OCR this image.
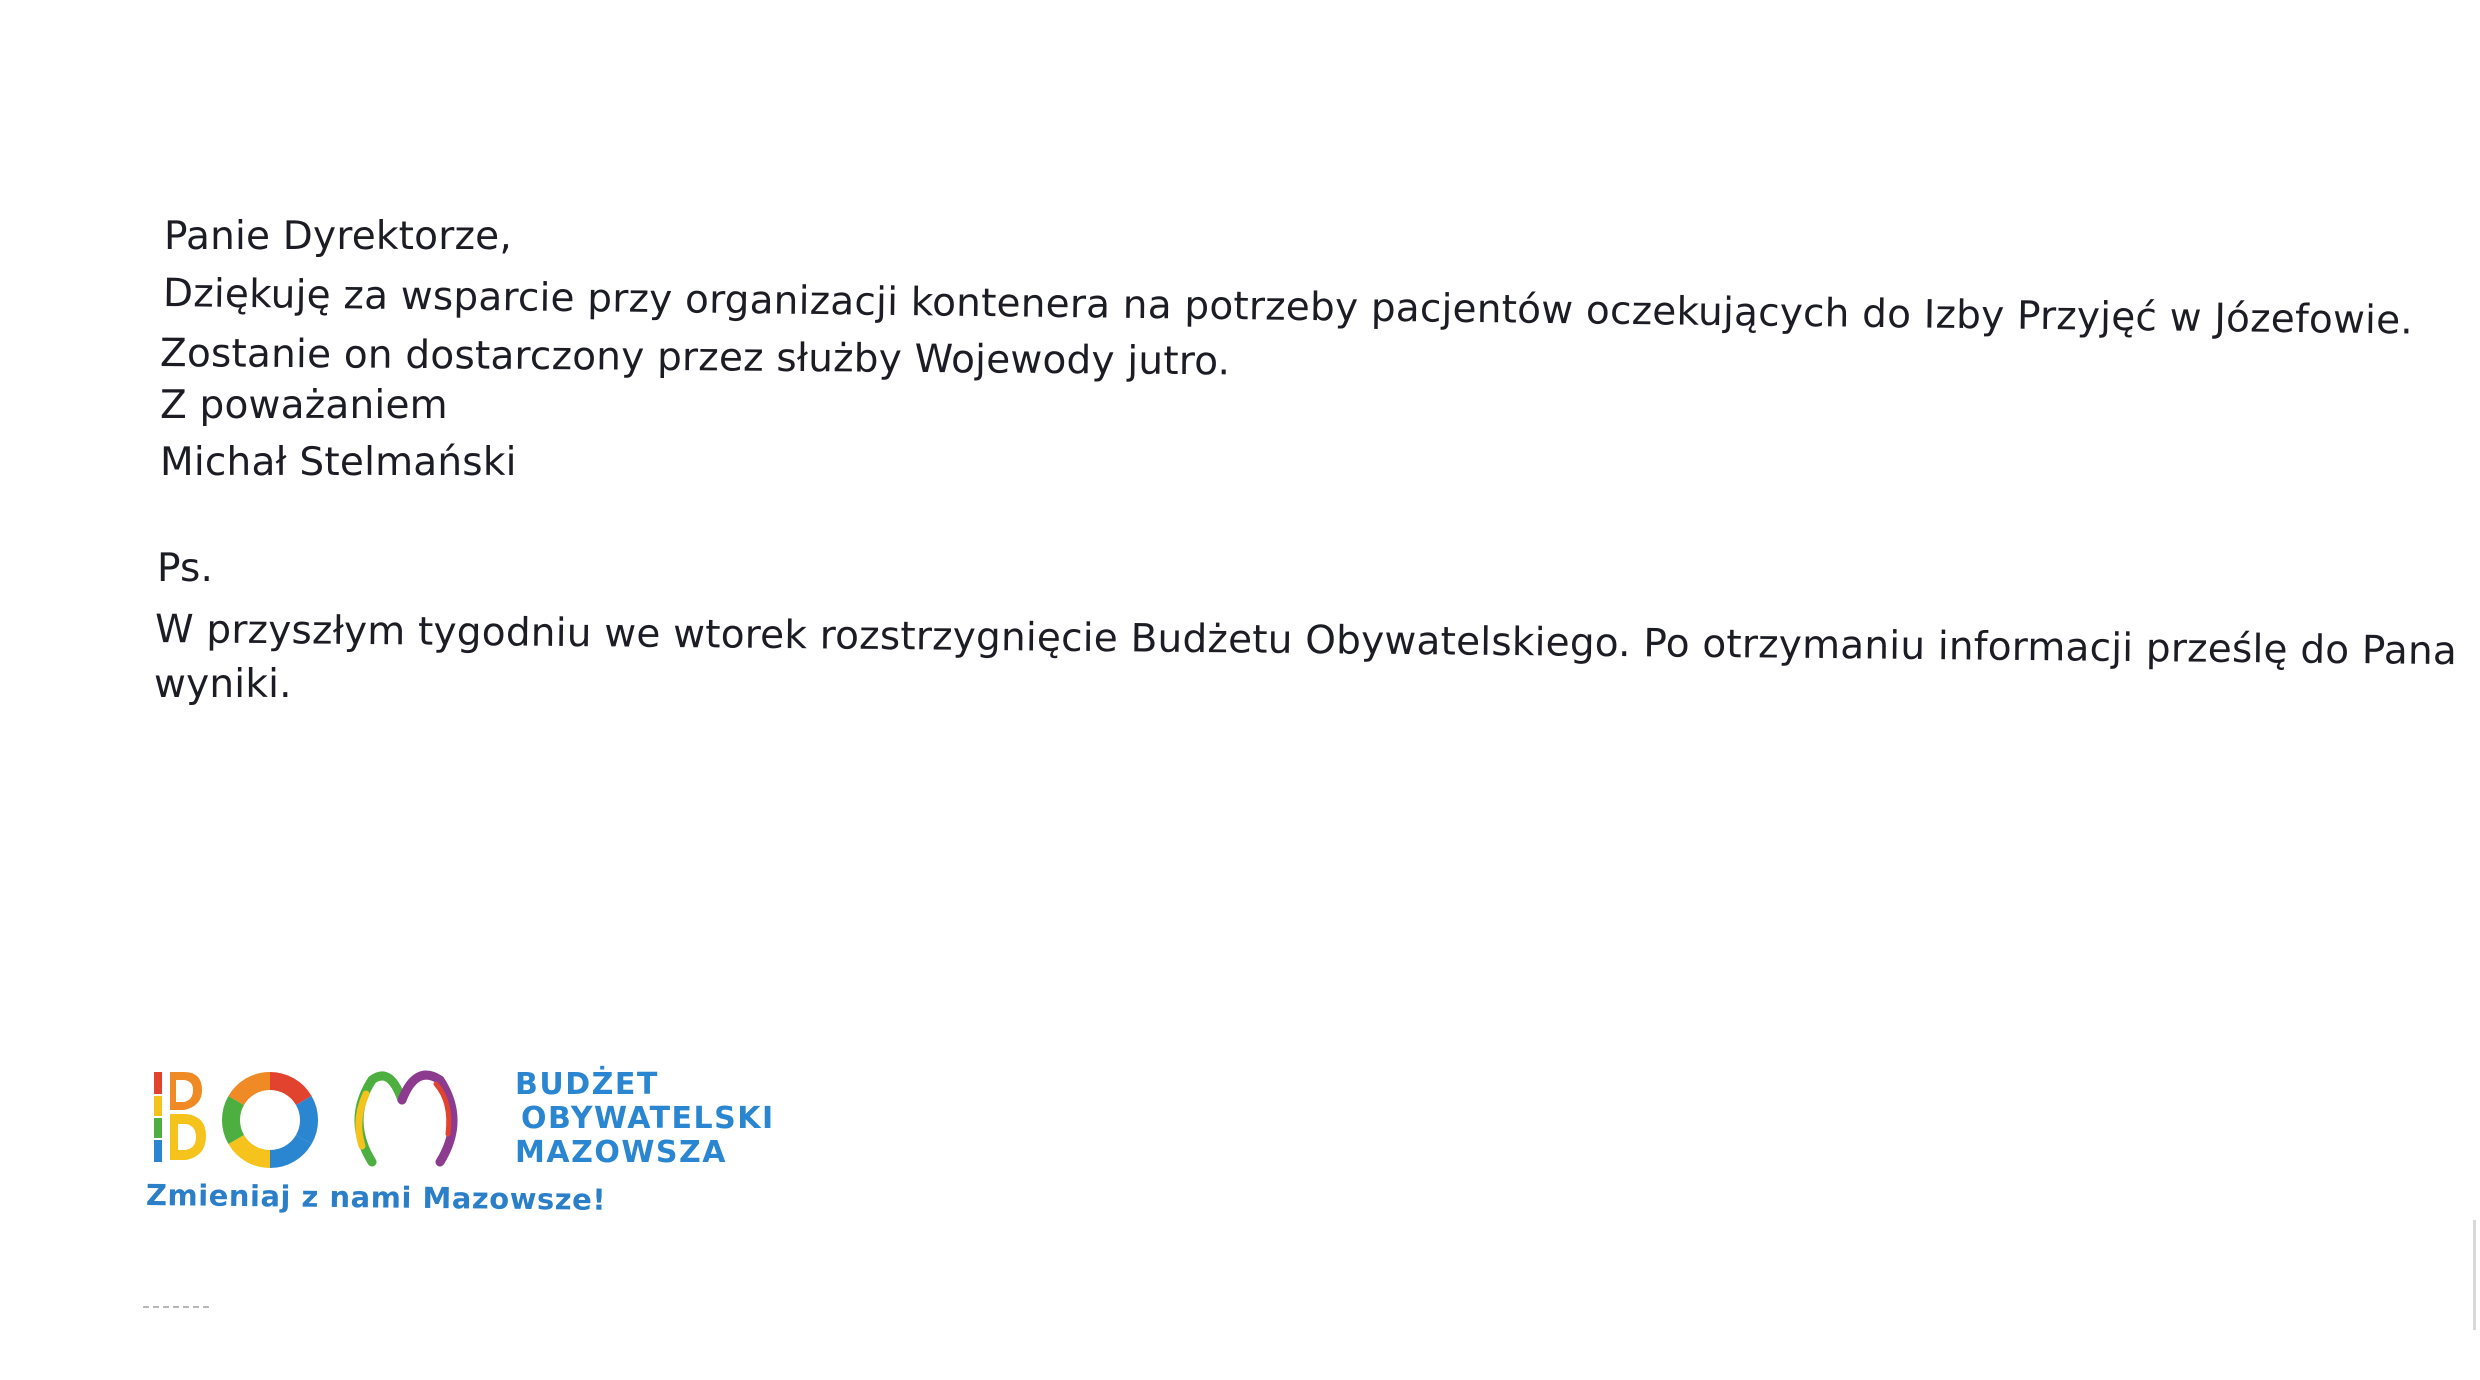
Panie Dyrektorze,
Dziękuję za wsparcie przy organizacji kontenera na potrzeby pacjentów oczekujących do Izby Przyjęć w Józefowie.
Zostanie on dostarczony przez służby Wojewody jutro.
Z poważaniem
Michał Stelmański
Ps.
W przyszłym tygodniu we wtorek rozstrzygnięcie Budżetu Obywatelskiego. Po otrzymaniu informacji prześlę do Pana
wyniki.
BUDŻET
OBYWATELSKI
MAZOWSZA
Zmieniaj z nami Mazowsze!
